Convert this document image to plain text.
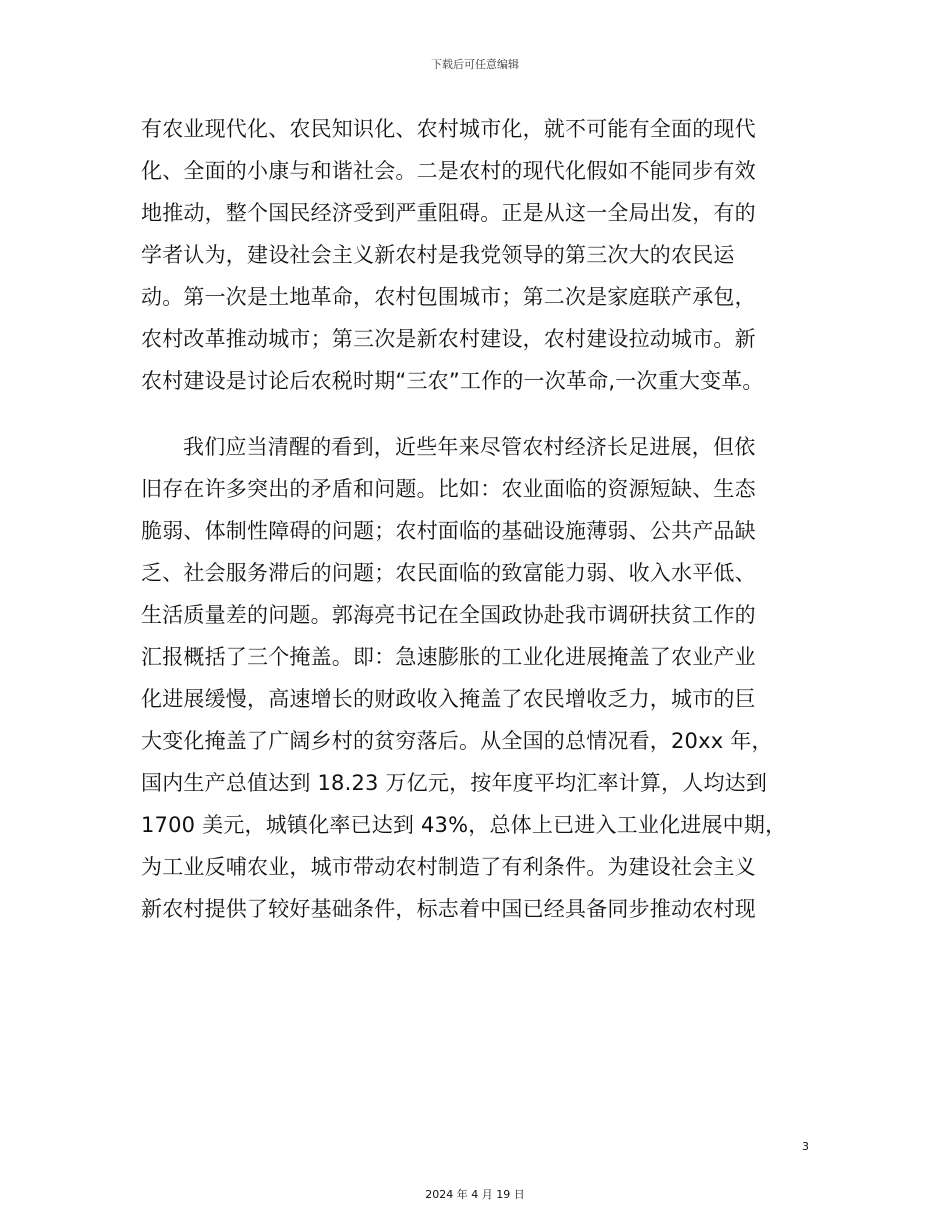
下载后可任意编辑
有农业现代化、农民知识化、农村城市化，就不可能有全面的现代
化、全面的小康与和谐社会。二是农村的现代化假如不能同步有效
地推动，整个国民经济受到严重阻碍。正是从这一全局出发，有的
学者认为，建设社会主义新农村是我党领导的第三次大的农民运
动。第一次是土地革命，农村包围城市；第二次是家庭联产承包，
农村改革推动城市；第三次是新农村建设，农村建设拉动城市。新
农村建设是讨论后农税时期“三农”工作的一次革命,一次重大变革。
我们应当清醒的看到，近些年来尽管农村经济长足进展，但依
旧存在许多突出的矛盾和问题。比如：农业面临的资源短缺、生态
脆弱、体制性障碍的问题；农村面临的基础设施薄弱、公共产品缺
乏、社会服务滞后的问题；农民面临的致富能力弱、收入水平低、
生活质量差的问题。郭海亮书记在全国政协赴我市调研扶贫工作的
汇报概括了三个掩盖。即：急速膨胀的工业化进展掩盖了农业产业
化进展缓慢，高速增长的财政收入掩盖了农民增收乏力，城市的巨
大变化掩盖了广阔乡村的贫穷落后。从全国的总情况看，20xx 年，
国内生产总值达到 18.23 万亿元，按年度平均汇率计算，人均达到
1700 美元，城镇化率已达到 43%，总体上已进入工业化进展中期，
为工业反哺农业，城市带动农村制造了有利条件。为建设社会主义
新农村提供了较好基础条件，标志着中国已经具备同步推动农村现
3
2024 年 4 月 19 日
